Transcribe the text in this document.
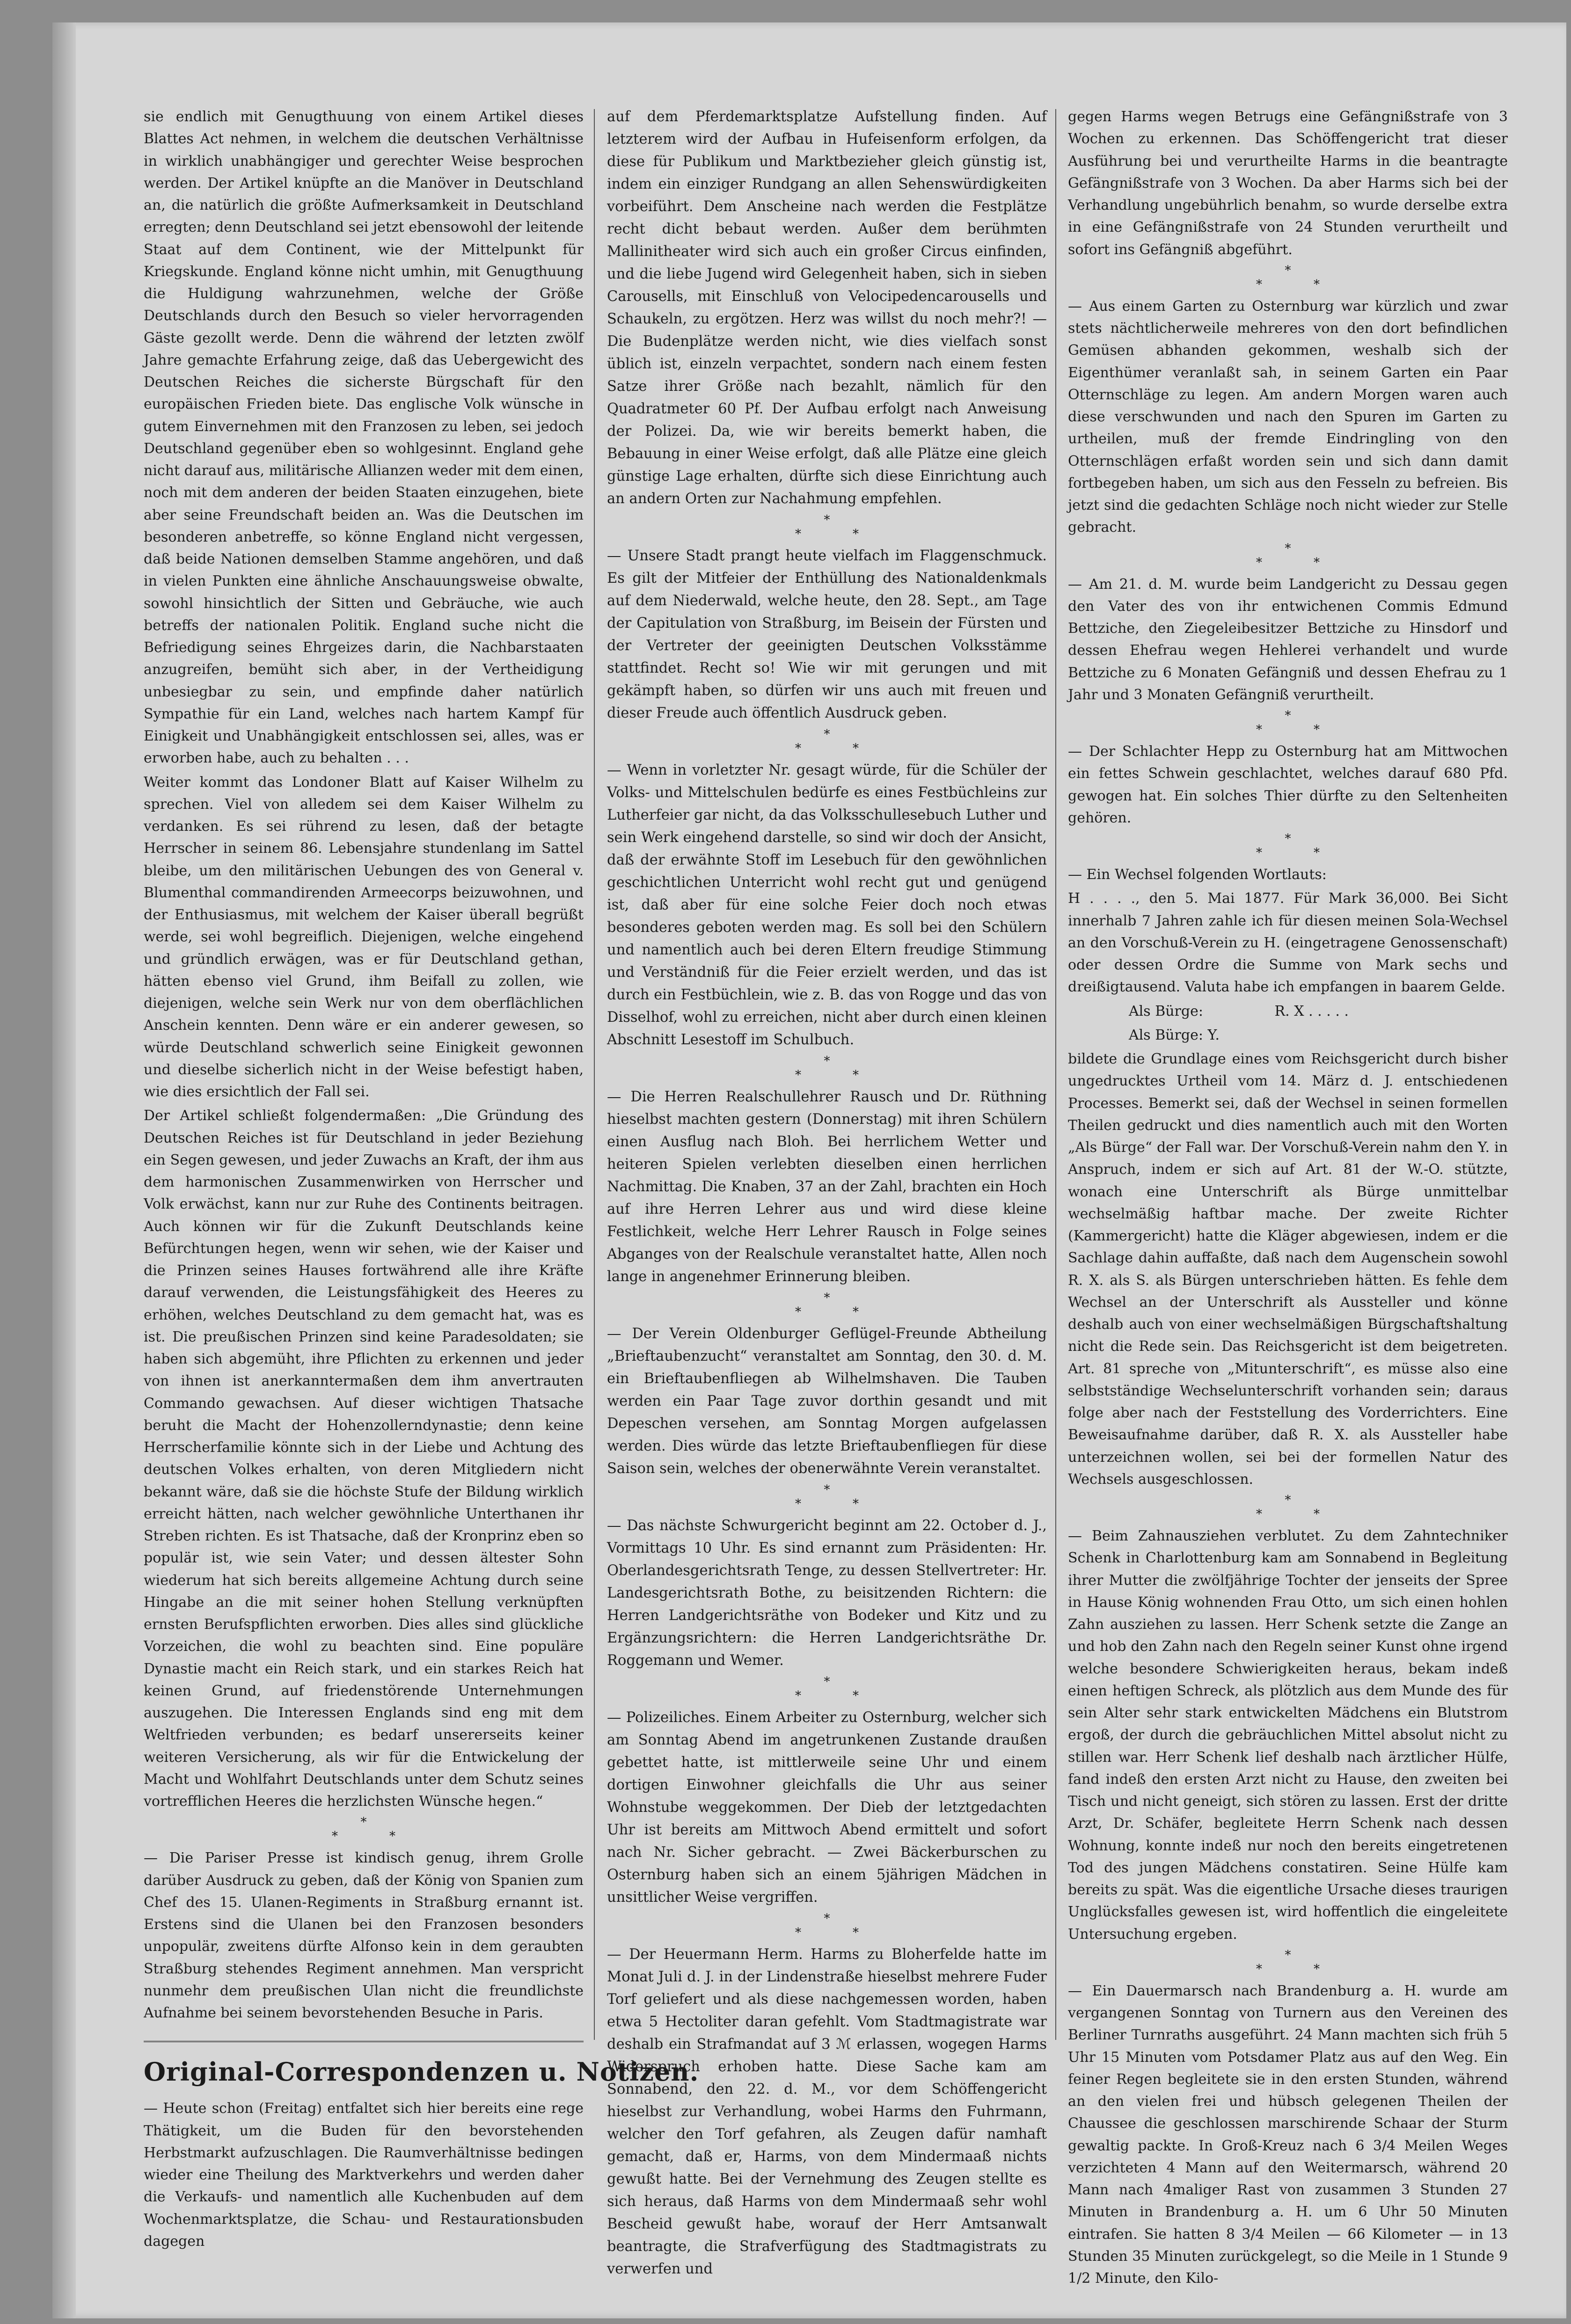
sie endlich mit Genugthuung von einem Artikel dieses Blattes Act nehmen, in welchem die deutschen Verhältnisse in wirklich unabhängiger und gerechter Weise besprochen werden. Der Artikel knüpfte an die Manöver in Deutschland an, die natürlich die größte Aufmerksamkeit in Deutschland erregten; denn Deutschland sei jetzt ebensowohl der leitende Staat auf dem Continent, wie der Mittelpunkt für Kriegskunde. England könne nicht umhin, mit Genugthuung die Huldigung wahrzunehmen, welche der Größe Deutschlands durch den Besuch so vieler hervorragenden Gäste gezollt werde. Denn die während der letzten zwölf Jahre gemachte Erfahrung zeige, daß das Uebergewicht des Deutschen Reiches die sicherste Bürgschaft für den europäischen Frieden biete. Das englische Volk wünsche in gutem Einvernehmen mit den Franzosen zu leben, sei jedoch Deutschland gegenüber eben so wohlgesinnt. England gehe nicht darauf aus, militärische Allianzen weder mit dem einen, noch mit dem anderen der beiden Staaten einzugehen, biete aber seine Freundschaft beiden an. Was die Deutschen im besonderen anbetreffe, so könne England nicht vergessen, daß beide Nationen demselben Stamme angehören, und daß in vielen Punkten eine ähnliche Anschauungsweise obwalte, sowohl hinsichtlich der Sitten und Gebräuche, wie auch betreffs der nationalen Politik. England suche nicht die Befriedigung seines Ehrgeizes darin, die Nachbarstaaten anzugreifen, bemüht sich aber, in der Vertheidigung unbesiegbar zu sein, und empfinde daher natürlich Sympathie für ein Land, welches nach hartem Kampf für Einigkeit und Unabhängigkeit entschlossen sei, alles, was er erworben habe, auch zu behalten . . .

Weiter kommt das Londoner Blatt auf Kaiser Wilhelm zu sprechen. Viel von alledem sei dem Kaiser Wilhelm zu verdanken. Es sei rührend zu lesen, daß der betagte Herrscher in seinem 86. Lebensjahre stundenlang im Sattel bleibe, um den militärischen Uebungen des von General v. Blumenthal commandirenden Armeecorps beizuwohnen, und der Enthusiasmus, mit welchem der Kaiser überall begrüßt werde, sei wohl begreiflich. Diejenigen, welche eingehend und gründlich erwägen, was er für Deutschland gethan, hätten ebenso viel Grund, ihm Beifall zu zollen, wie diejenigen, welche sein Werk nur von dem oberflächlichen Anschein kennten. Denn wäre er ein anderer gewesen, so würde Deutschland schwerlich seine Einigkeit gewonnen und dieselbe sicherlich nicht in der Weise befestigt haben, wie dies ersichtlich der Fall sei.

Der Artikel schließt folgendermaßen: „Die Gründung des Deutschen Reiches ist für Deutschland in jeder Beziehung ein Segen gewesen, und jeder Zuwachs an Kraft, der ihm aus dem harmonischen Zusammenwirken von Herrscher und Volk erwächst, kann nur zur Ruhe des Continents beitragen. Auch können wir für die Zukunft Deutschlands keine Befürchtungen hegen, wenn wir sehen, wie der Kaiser und die Prinzen seines Hauses fortwährend alle ihre Kräfte darauf verwenden, die Leistungsfähigkeit des Heeres zu erhöhen, welches Deutschland zu dem gemacht hat, was es ist. Die preußischen Prinzen sind keine Paradesoldaten; sie haben sich abgemüht, ihre Pflichten zu erkennen und jeder von ihnen ist anerkanntermaßen dem ihm anvertrauten Commando gewachsen. Auf dieser wichtigen Thatsache beruht die Macht der Hohenzollerndynastie; denn keine Herrscherfamilie könnte sich in der Liebe und Achtung des deutschen Volkes erhalten, von deren Mitgliedern nicht bekannt wäre, daß sie die höchste Stufe der Bildung wirklich erreicht hätten, nach welcher gewöhnliche Unterthanen ihr Streben richten. Es ist Thatsache, daß der Kronprinz eben so populär ist, wie sein Vater; und dessen ältester Sohn wiederum hat sich bereits allgemeine Achtung durch seine Hingabe an die mit seiner hohen Stellung verknüpften ernsten Berufspflichten erworben. Dies alles sind glückliche Vorzeichen, die wohl zu beachten sind. Eine populäre Dynastie macht ein Reich stark, und ein starkes Reich hat keinen Grund, auf friedenstörende Unternehmungen auszugehen. Die Interessen Englands sind eng mit dem Weltfrieden verbunden; es bedarf unsererseits keiner weiteren Versicherung, als wir für die Entwickelung der Macht und Wohlfahrt Deutschlands unter dem Schutz seines vortrefflichen Heeres die herzlichsten Wünsche hegen.“

*
**

— Die Pariser Presse ist kindisch genug, ihrem Grolle darüber Ausdruck zu geben, daß der König von Spanien zum Chef des 15. Ulanen-Regiments in Straßburg ernannt ist. Erstens sind die Ulanen bei den Franzosen besonders unpopulär, zweitens dürfte Alfonso kein in dem geraubten Straßburg stehendes Regiment annehmen. Man verspricht nunmehr dem preußischen Ulan nicht die freundlichste Aufnahme bei seinem bevorstehenden Besuche in Paris.

Original-Correspondenzen u. Notizen.

— Heute schon (Freitag) entfaltet sich hier bereits eine rege Thätigkeit, um die Buden für den bevorstehenden Herbstmarkt aufzuschlagen. Die Raumverhältnisse bedingen wieder eine Theilung des Marktverkehrs und werden daher die Verkaufs- und namentlich alle Kuchenbuden auf dem Wochenmarktsplatze, die Schau- und Restaurationsbuden dagegen

auf dem Pferdemarktsplatze Aufstellung finden. Auf letzterem wird der Aufbau in Hufeisenform erfolgen, da diese für Publikum und Marktbezieher gleich günstig ist, indem ein einziger Rundgang an allen Sehenswürdigkeiten vorbeiführt. Dem Anscheine nach werden die Festplätze recht dicht bebaut werden. Außer dem berühmten Mallinitheater wird sich auch ein großer Circus einfinden, und die liebe Jugend wird Gelegenheit haben, sich in sieben Carousells, mit Einschluß von Velocipedencarousells und Schaukeln, zu ergötzen. Herz was willst du noch mehr?! — Die Budenplätze werden nicht, wie dies vielfach sonst üblich ist, einzeln verpachtet, sondern nach einem festen Satze ihrer Größe nach bezahlt, nämlich für den Quadratmeter 60 Pf. Der Aufbau erfolgt nach Anweisung der Polizei. Da, wie wir bereits bemerkt haben, die Bebauung in einer Weise erfolgt, daß alle Plätze eine gleich günstige Lage erhalten, dürfte sich diese Einrichtung auch an andern Orten zur Nachahmung empfehlen.

*
**

— Unsere Stadt prangt heute vielfach im Flaggenschmuck. Es gilt der Mitfeier der Enthüllung des Nationaldenkmals auf dem Niederwald, welche heute, den 28. Sept., am Tage der Capitulation von Straßburg, im Beisein der Fürsten und der Vertreter der geeinigten Deutschen Volksstämme stattfindet. Recht so! Wie wir mit gerungen und mit gekämpft haben, so dürfen wir uns auch mit freuen und dieser Freude auch öffentlich Ausdruck geben.

*
**

— Wenn in vorletzter Nr. gesagt würde, für die Schüler der Volks- und Mittelschulen bedürfe es eines Festbüchleins zur Lutherfeier gar nicht, da das Volksschullesebuch Luther und sein Werk eingehend darstelle, so sind wir doch der Ansicht, daß der erwähnte Stoff im Lesebuch für den gewöhnlichen geschichtlichen Unterricht wohl recht gut und genügend ist, daß aber für eine solche Feier doch noch etwas besonderes geboten werden mag. Es soll bei den Schülern und namentlich auch bei deren Eltern freudige Stimmung und Verständniß für die Feier erzielt werden, und das ist durch ein Festbüchlein, wie z. B. das von Rogge und das von Disselhof, wohl zu erreichen, nicht aber durch einen kleinen Abschnitt Lesestoff im Schulbuch.

*
**

— Die Herren Realschullehrer Rausch und Dr. Rüthning hieselbst machten gestern (Donnerstag) mit ihren Schülern einen Ausflug nach Bloh. Bei herrlichem Wetter und heiteren Spielen verlebten dieselben einen herrlichen Nachmittag. Die Knaben, 37 an der Zahl, brachten ein Hoch auf ihre Herren Lehrer aus und wird diese kleine Festlichkeit, welche Herr Lehrer Rausch in Folge seines Abganges von der Realschule veranstaltet hatte, Allen noch lange in angenehmer Erinnerung bleiben.

*
**

— Der Verein Oldenburger Geflügel-Freunde Abtheilung „Brieftaubenzucht“ veranstaltet am Sonntag, den 30. d. M. ein Brieftaubenfliegen ab Wilhelmshaven. Die Tauben werden ein Paar Tage zuvor dorthin gesandt und mit Depeschen versehen, am Sonntag Morgen aufgelassen werden. Dies würde das letzte Brieftaubenfliegen für diese Saison sein, welches der obenerwähnte Verein veranstaltet.

*
**

— Das nächste Schwurgericht beginnt am 22. October d. J., Vormittags 10 Uhr. Es sind ernannt zum Präsidenten: Hr. Oberlandesgerichtsrath Tenge, zu dessen Stellvertreter: Hr. Landesgerichtsrath Bothe, zu beisitzenden Richtern: die Herren Landgerichtsräthe von Bodeker und Kitz und zu Ergänzungsrichtern: die Herren Landgerichtsräthe Dr. Roggemann und Wemer.

*
**

— Polizeiliches. Einem Arbeiter zu Osternburg, welcher sich am Sonntag Abend im angetrunkenen Zustande draußen gebettet hatte, ist mittlerweile seine Uhr und einem dortigen Einwohner gleichfalls die Uhr aus seiner Wohnstube weggekommen. Der Dieb der letztgedachten Uhr ist bereits am Mittwoch Abend ermittelt und sofort nach Nr. Sicher gebracht. — Zwei Bäckerburschen zu Osternburg haben sich an einem 5jährigen Mädchen in unsittlicher Weise vergriffen.

*
**

— Der Heuermann Herm. Harms zu Bloherfelde hatte im Monat Juli d. J. in der Lindenstraße hieselbst mehrere Fuder Torf geliefert und als diese nachgemessen worden, haben etwa 5 Hectoliter daran gefehlt. Vom Stadtmagistrate war deshalb ein Strafmandat auf 3 ℳ erlassen, wogegen Harms Widerspruch erhoben hatte. Diese Sache kam am Sonnabend, den 22. d. M., vor dem Schöffengericht hieselbst zur Verhandlung, wobei Harms den Fuhrmann, welcher den Torf gefahren, als Zeugen dafür namhaft gemacht, daß er, Harms, von dem Mindermaaß nichts gewußt hatte. Bei der Vernehmung des Zeugen stellte es sich heraus, daß Harms von dem Mindermaaß sehr wohl Bescheid gewußt habe, worauf der Herr Amtsanwalt beantragte, die Strafverfügung des Stadtmagistrats zu verwerfen und

gegen Harms wegen Betrugs eine Gefängnißstrafe von 3 Wochen zu erkennen. Das Schöffengericht trat dieser Ausführung bei und verurtheilte Harms in die beantragte Gefängnißstrafe von 3 Wochen. Da aber Harms sich bei der Verhandlung ungebührlich benahm, so wurde derselbe extra in eine Gefängnißstrafe von 24 Stunden verurtheilt und sofort ins Gefängniß abgeführt.

*
**

— Aus einem Garten zu Osternburg war kürzlich und zwar stets nächtlicherweile mehreres von den dort befindlichen Gemüsen abhanden gekommen, weshalb sich der Eigenthümer veranlaßt sah, in seinem Garten ein Paar Otternschläge zu legen. Am andern Morgen waren auch diese verschwunden und nach den Spuren im Garten zu urtheilen, muß der fremde Eindringling von den Otternschlägen erfaßt worden sein und sich dann damit fortbegeben haben, um sich aus den Fesseln zu befreien. Bis jetzt sind die gedachten Schläge noch nicht wieder zur Stelle gebracht.

*
**

— Am 21. d. M. wurde beim Landgericht zu Dessau gegen den Vater des von ihr entwichenen Commis Edmund Bettziche, den Ziegeleibesitzer Bettziche zu Hinsdorf und dessen Ehefrau wegen Hehlerei verhandelt und wurde Bettziche zu 6 Monaten Gefängniß und dessen Ehefrau zu 1 Jahr und 3 Monaten Gefängniß verurtheilt.

*
**

— Der Schlachter Hepp zu Osternburg hat am Mittwochen ein fettes Schwein geschlachtet, welches darauf 680 Pfd. gewogen hat. Ein solches Thier dürfte zu den Seltenheiten gehören.

*
**

— Ein Wechsel folgenden Wortlauts:

H . . . ., den 5. Mai 1877. Für Mark 36,000. Bei Sicht innerhalb 7 Jahren zahle ich für diesen meinen Sola-Wechsel an den Vorschuß-Verein zu H. (eingetragene Genossenschaft) oder dessen Ordre die Summe von Mark sechs und dreißigtausend. Valuta habe ich empfangen in baarem Gelde.

Als Bürge:                R. X . . . . .

Als Bürge: Y.

bildete die Grundlage eines vom Reichsgericht durch bisher ungedrucktes Urtheil vom 14. März d. J. entschiedenen Processes. Bemerkt sei, daß der Wechsel in seinen formellen Theilen gedruckt und dies namentlich auch mit den Worten „Als Bürge“ der Fall war. Der Vorschuß-Verein nahm den Y. in Anspruch, indem er sich auf Art. 81 der W.-O. stützte, wonach eine Unterschrift als Bürge unmittelbar wechselmäßig haftbar mache. Der zweite Richter (Kammergericht) hatte die Kläger abgewiesen, indem er die Sachlage dahin auffaßte, daß nach dem Augenschein sowohl R. X. als S. als Bürgen unterschrieben hätten. Es fehle dem Wechsel an der Unterschrift als Aussteller und könne deshalb auch von einer wechselmäßigen Bürgschaftshaltung nicht die Rede sein. Das Reichsgericht ist dem beigetreten. Art. 81 spreche von „Mitunterschrift“, es müsse also eine selbstständige Wechselunterschrift vorhanden sein; daraus folge aber nach der Feststellung des Vorderrichters. Eine Beweisaufnahme darüber, daß R. X. als Aussteller habe unterzeichnen wollen, sei bei der formellen Natur des Wechsels ausgeschlossen.

*
**

— Beim Zahnausziehen verblutet. Zu dem Zahntechniker Schenk in Charlottenburg kam am Sonnabend in Begleitung ihrer Mutter die zwölfjährige Tochter der jenseits der Spree in Hause König wohnenden Frau Otto, um sich einen hohlen Zahn ausziehen zu lassen. Herr Schenk setzte die Zange an und hob den Zahn nach den Regeln seiner Kunst ohne irgend welche besondere Schwierigkeiten heraus, bekam indeß einen heftigen Schreck, als plötzlich aus dem Munde des für sein Alter sehr stark entwickelten Mädchens ein Blutstrom ergoß, der durch die gebräuchlichen Mittel absolut nicht zu stillen war. Herr Schenk lief deshalb nach ärztlicher Hülfe, fand indeß den ersten Arzt nicht zu Hause, den zweiten bei Tisch und nicht geneigt, sich stören zu lassen. Erst der dritte Arzt, Dr. Schäfer, begleitete Herrn Schenk nach dessen Wohnung, konnte indeß nur noch den bereits eingetretenen Tod des jungen Mädchens constatiren. Seine Hülfe kam bereits zu spät. Was die eigentliche Ursache dieses traurigen Unglücksfalles gewesen ist, wird hoffentlich die eingeleitete Untersuchung ergeben.

*
**

— Ein Dauermarsch nach Brandenburg a. H. wurde am vergangenen Sonntag von Turnern aus den Vereinen des Berliner Turnraths ausgeführt. 24 Mann machten sich früh 5 Uhr 15 Minuten vom Potsdamer Platz aus auf den Weg. Ein feiner Regen begleitete sie in den ersten Stunden, während an den vielen frei und hübsch gelegenen Theilen der Chaussee die geschlossen marschirende Schaar der Sturm gewaltig packte. In Groß-Kreuz nach 6 3/4 Meilen Weges verzichteten 4 Mann auf den Weitermarsch, während 20 Mann nach 4maliger Rast von zusammen 3 Stunden 27 Minuten in Brandenburg a. H. um 6 Uhr 50 Minuten eintrafen. Sie hatten 8 3/4 Meilen — 66 Kilometer — in 13 Stunden 35 Minuten zurückgelegt, so die Meile in 1 Stunde 9 1/2 Minute, den Kilo-
